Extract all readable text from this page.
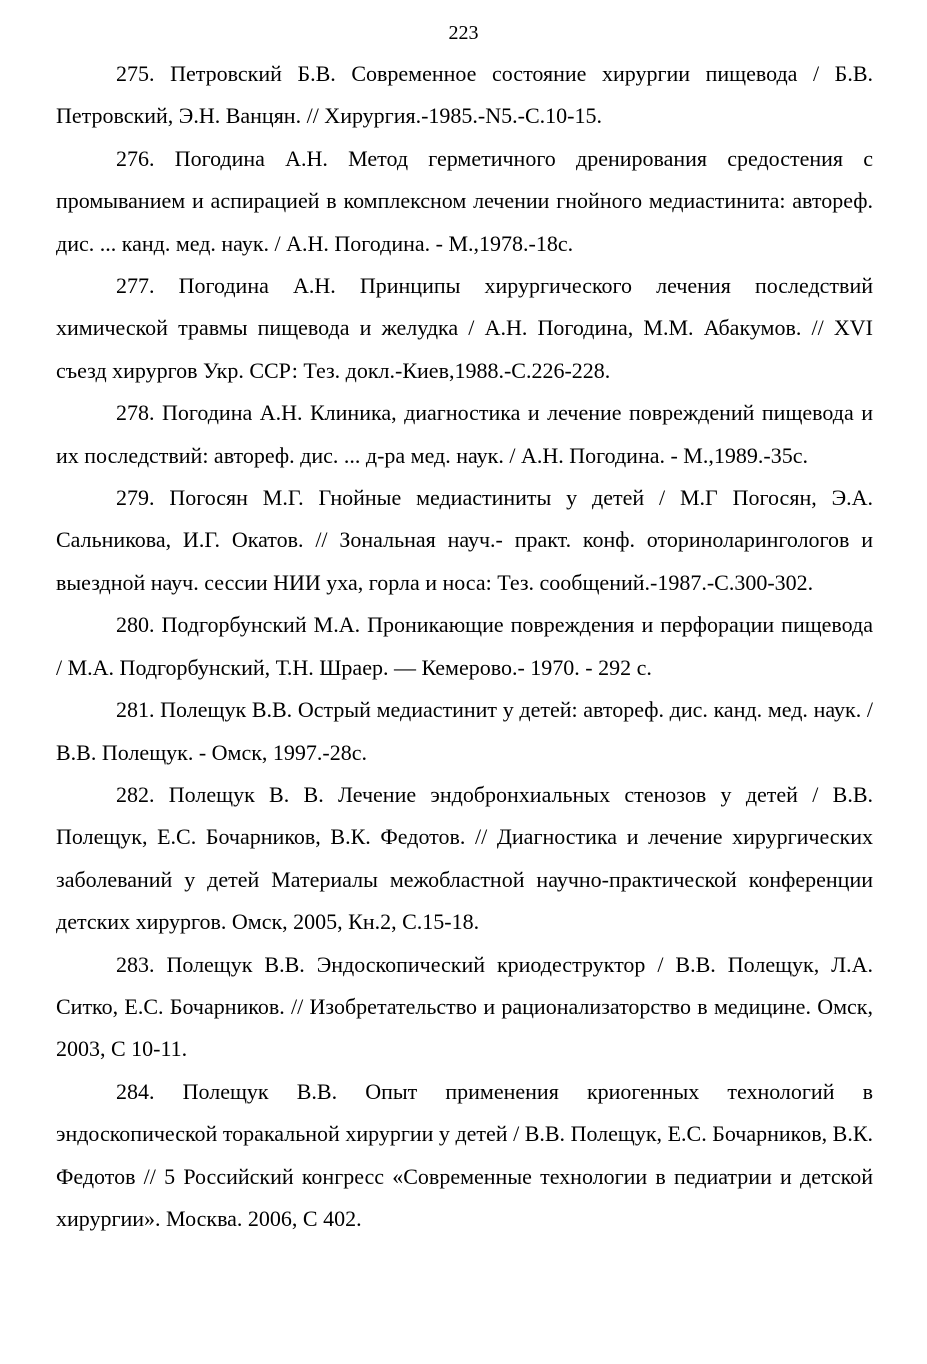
223

275. Петровский Б.В. Современное состояние хирургии пищевода / Б.В. Петровский, Э.Н. Ванцян. // Хирургия.-1985.-N5.-С.10-15.

276. Погодина А.Н. Метод герметичного дренирования средостения с промыванием и аспирацией в комплексном лечении гнойного медиастинита: автореф. дис. ... канд. мед. наук. / А.Н. Погодина. - М.,1978.-18с.

277. Погодина А.Н. Принципы хирургического лечения последствий химической травмы пищевода и желудка / А.Н. Погодина, М.М. Абакумов. // XVI съезд хирургов Укр. ССР: Тез. докл.-Киев,1988.-С.226-228.

278. Погодина А.Н. Клиника, диагностика и лечение повреждений пищевода и их последствий: автореф. дис. ... д-ра мед. наук. / А.Н. Погодина. - М.,1989.-35с.

279. Погосян М.Г. Гнойные медиастиниты у детей / М.Г Погосян, Э.А. Сальникова, И.Г. Окатов. // Зональная науч.- практ. конф. оториноларингологов и выездной науч. сессии НИИ уха, горла и носа: Тез. сообщений.-1987.-С.300-302.

280. Подгорбунский М.А. Проникающие повреждения и перфорации пищевода / М.А. Подгорбунский, Т.Н. Шраер. — Кемерово.- 1970. - 292 с.

281. Полещук В.В. Острый медиастинит у детей: автореф. дис. канд. мед. наук. / В.В. Полещук. - Омск, 1997.-28с.

282. Полещук В. В. Лечение эндобронхиальных стенозов у детей / В.В. Полещук, Е.С. Бочарников, В.К. Федотов. // Диагностика и лечение хирургических заболеваний у детей Материалы межобластной научно-практической конференции детских хирургов. Омск, 2005, Кн.2, С.15-18.

283. Полещук В.В. Эндоскопический криодеструктор / В.В. Полещук, Л.А. Ситко, Е.С. Бочарников. // Изобретательство и рационализаторство в медицине. Омск, 2003, С 10-11.

284. Полещук В.В. Опыт применения криогенных технологий в эндоскопической торакальной хирургии у детей / В.В. Полещук, Е.С. Бочарников, В.К. Федотов // 5 Российский конгресс «Современные технологии в педиатрии и детской хирургии». Москва. 2006, С 402.
